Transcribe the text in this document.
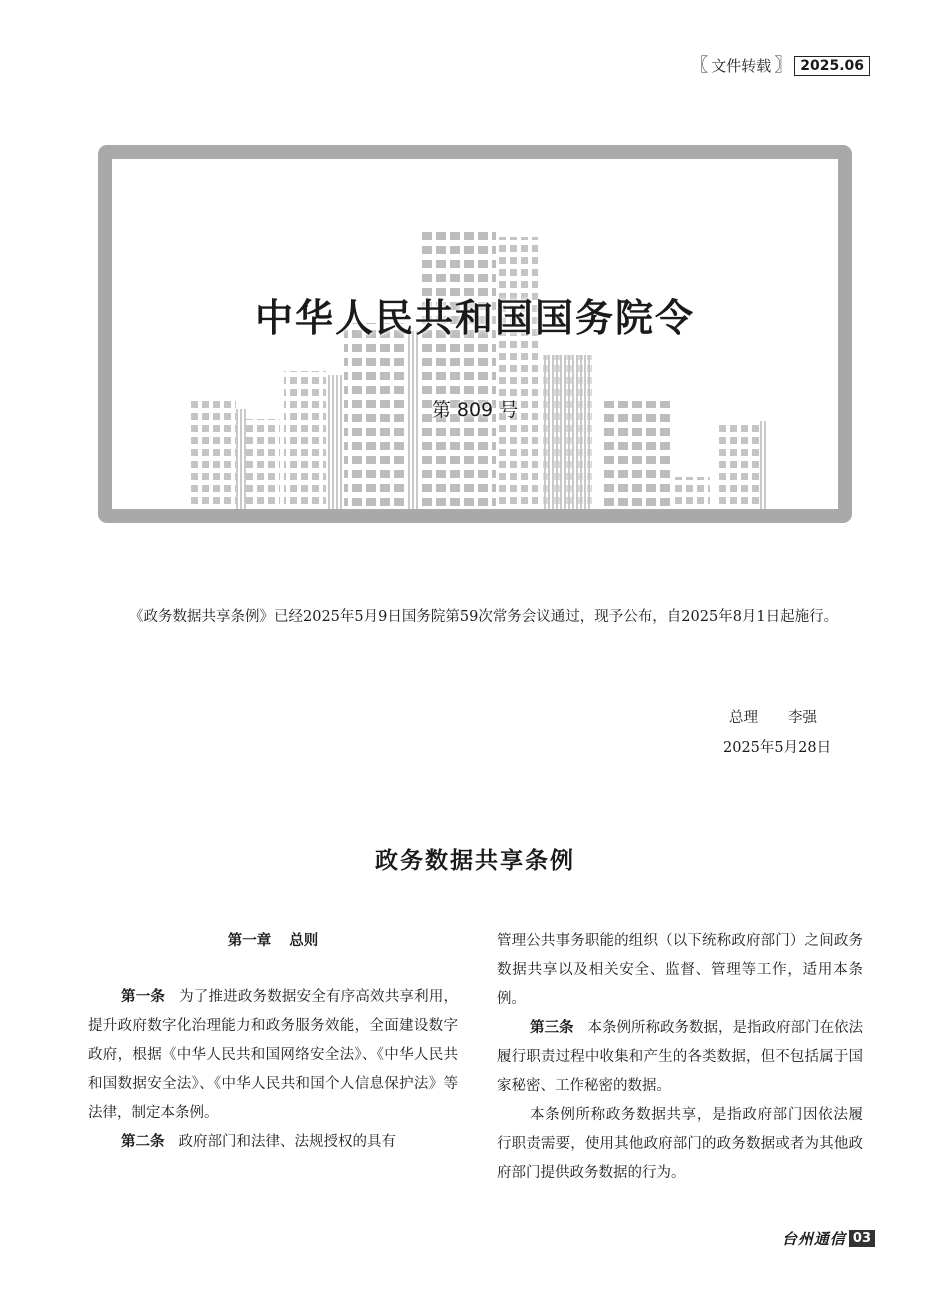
〖 文件转载 〗 2025.06
中华人民共和国国务院令
第 809 号

《政务数据共享条例》已经2025年5月9日国务院第59次常务会议通过，现予公布，自2025年8月1日起施行。

总理 李强
2025年5月28日
政务数据共享条例
第一章 总则

第一条 为了推进政务数据安全有序高效共享利用，提升政府数字化治理能力和政务服务效能，全面建设数字政府，根据《中华人民共和国网络安全法》、《中华人民共和国数据安全法》、《中华人民共和国个人信息保护法》等法律，制定本条例。

第二条 政府部门和法律、法规授权的具有

管理公共事务职能的组织（以下统称政府部门）之间政务数据共享以及相关安全、监督、管理等工作，适用本条例。

第三条 本条例所称政务数据，是指政府部门在依法履行职责过程中收集和产生的各类数据，但不包括属于国家秘密、工作秘密的数据。

本条例所称政务数据共享，是指政府部门因依法履行职责需要，使用其他政府部门的政务数据或者为其他政府部门提供政务数据的行为。

台州通信 03
